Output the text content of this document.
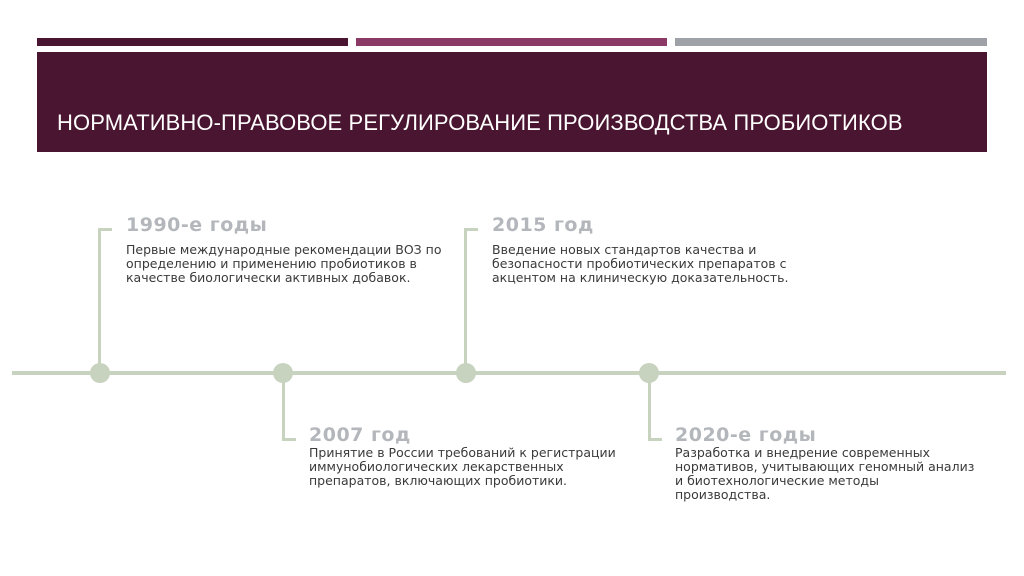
НОРМАТИВНО-ПРАВОВОЕ РЕГУЛИРОВАНИЕ ПРОИЗВОДСТВА ПРОБИОТИКОВ
1990-е годы
Первые международные рекомендации ВОЗ по определению и применению пробиотиков в качестве биологически активных добавок.
2007 год
Принятие в России требований к регистрации иммунобиологических лекарственных препаратов, включающих пробиотики.
2015 год
Введение новых стандартов качества и безопасности пробиотических препаратов с акцентом на клиническую доказательность.
2020-е годы
Разработка и внедрение современных нормативов, учитывающих геномный анализ и биотехнологические методы производства.
